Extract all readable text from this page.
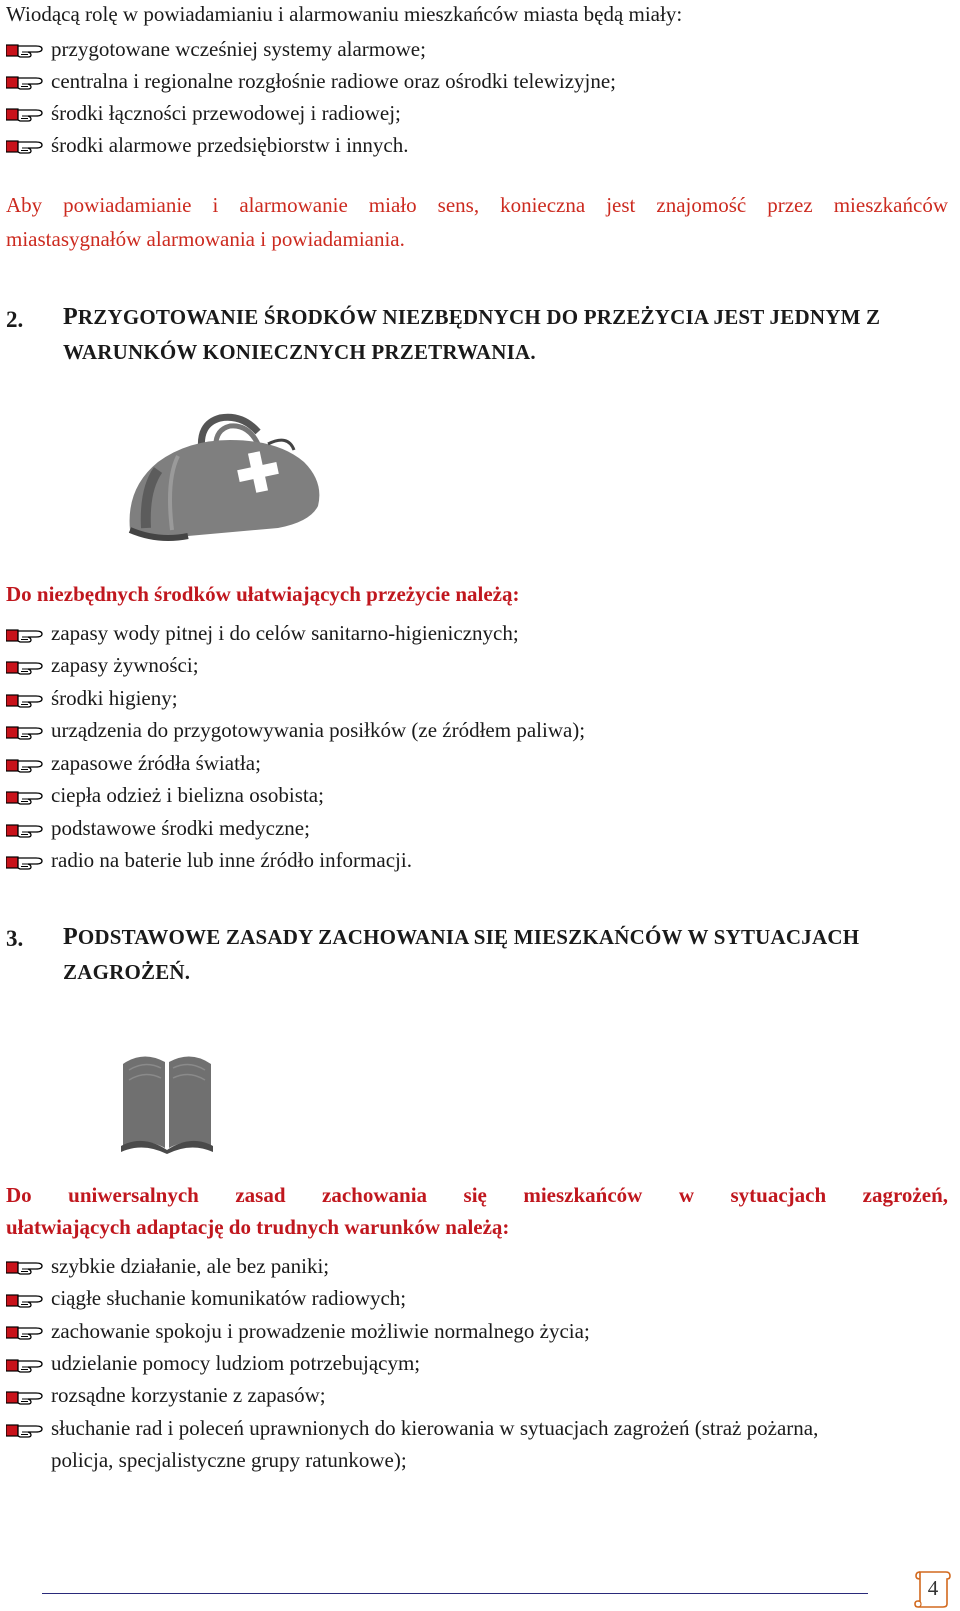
Wiodącą rolę w powiadamianiu i alarmowaniu mieszkańców miasta będą miały:
przygotowane wcześniej systemy alarmowe;
centralna i regionalne rozgłośnie radiowe oraz ośrodki telewizyjne;
środki łączności przewodowej i radiowej;
środki alarmowe przedsiębiorstw i innych.
Aby powiadamianie i alarmowanie miało sens, konieczna jest znajomość przez mieszkańców
miastasygnałów alarmowania i powiadamiania.
2. PRZYGOTOWANIE ŚRODKÓW NIEZBĘDNYCH DO PRZEŻYCIA JEST JEDNYM Z
WARUNKÓW KONIECZNYCH PRZETRWANIA.
Do niezbędnych środków ułatwiających przeżycie należą:
zapasy wody pitnej i do celów sanitarno-higienicznych;
zapasy żywności;
środki higieny;
urządzenia do przygotowywania posiłków (ze źródłem paliwa);
zapasowe źródła światła;
ciepła odzież i bielizna osobista;
podstawowe środki medyczne;
radio na baterie lub inne źródło informacji.
3. PODSTAWOWE ZASADY ZACHOWANIA SIĘ MIESZKAŃCÓW W SYTUACJACH
ZAGROŻEŃ.
Do uniwersalnych zasad zachowania się mieszkańców w sytuacjach zagrożeń,
ułatwiających adaptację do trudnych warunków należą:
szybkie działanie, ale bez paniki;
ciągłe słuchanie komunikatów radiowych;
zachowanie spokoju i prowadzenie możliwie normalnego życia;
udzielanie pomocy ludziom potrzebującym;
rozsądne korzystanie z zapasów;
słuchanie rad i poleceń uprawnionych do kierowania w sytuacjach zagrożeń (straż pożarna,
policja, specjalistyczne grupy ratunkowe);
4
